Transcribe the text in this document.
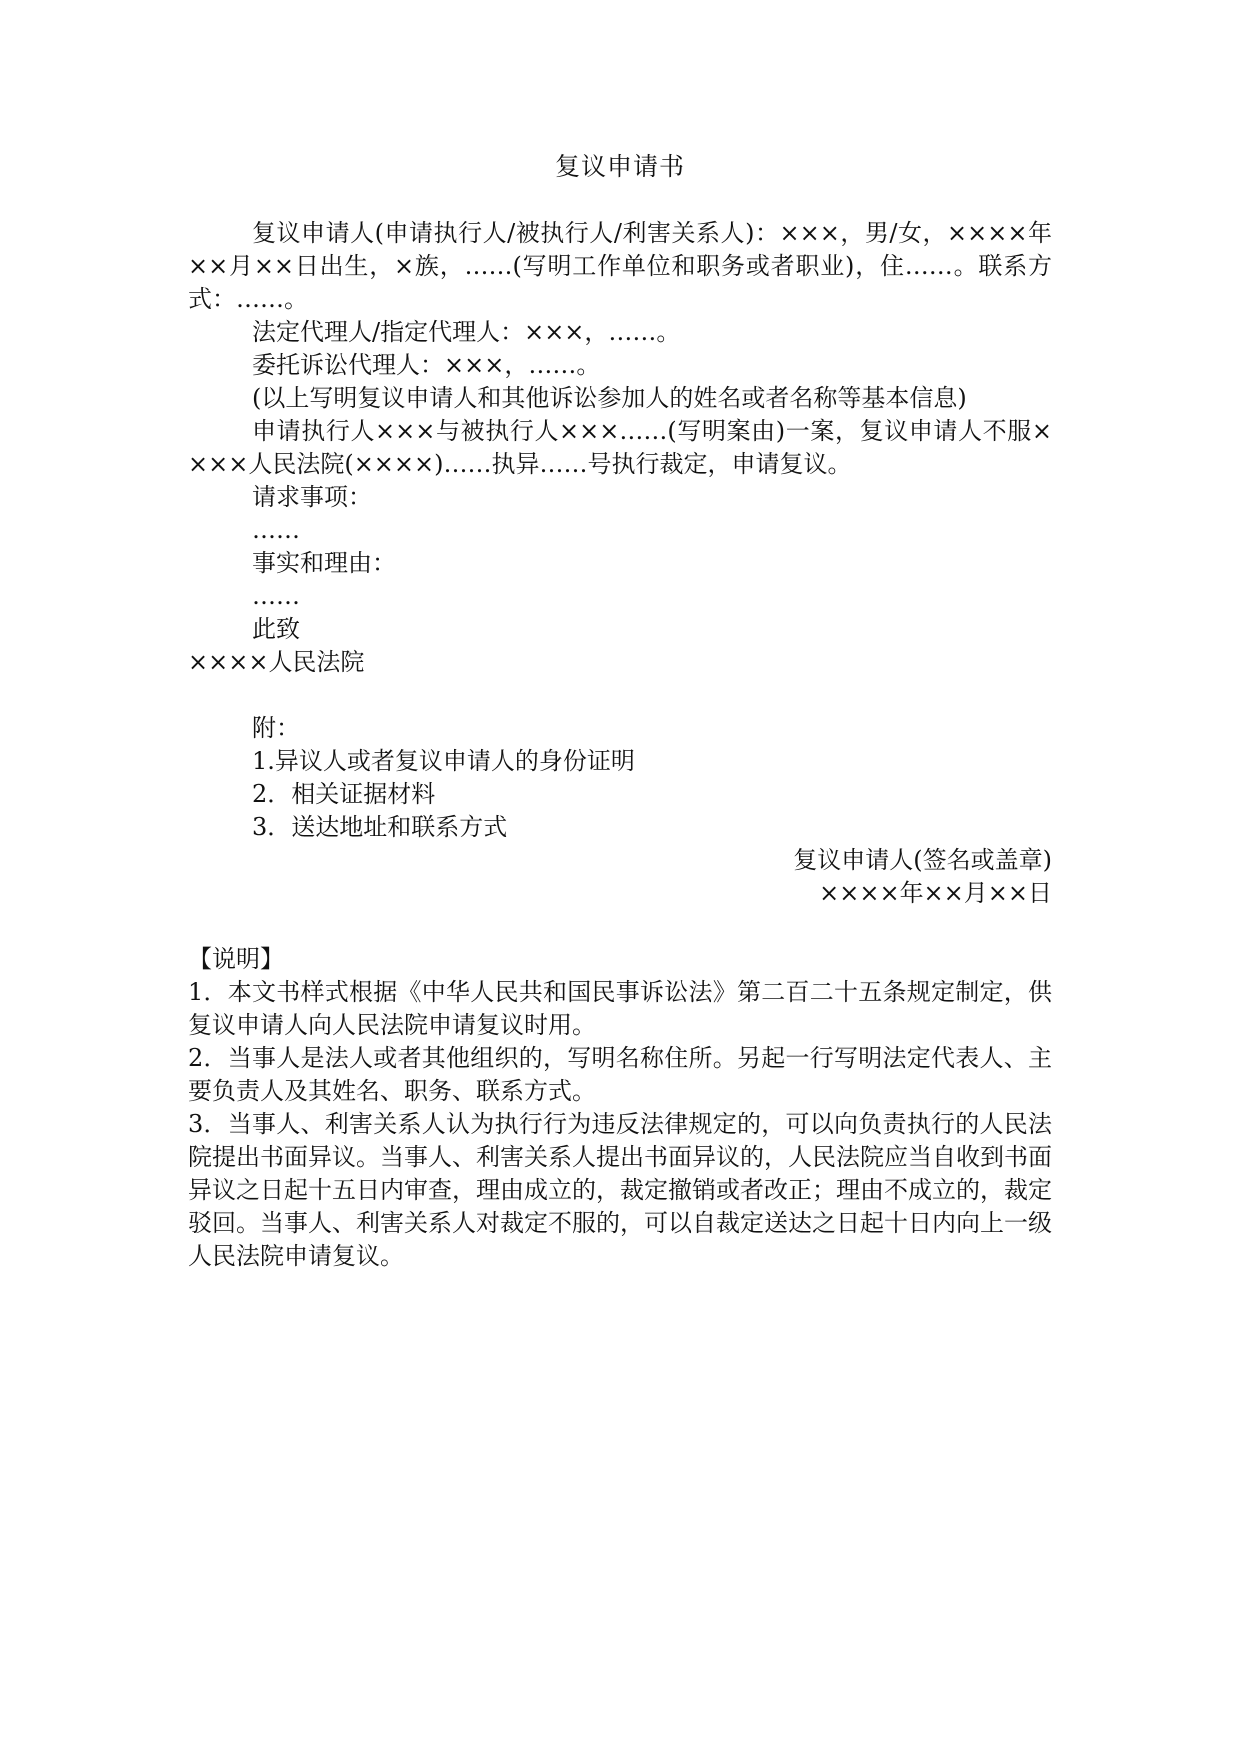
复议申请书

复议申请人(申请执行人/被执行人/利害关系人)：×××，男/女，××××年××月××日出生，×族，……(写明工作单位和职务或者职业)，住……。联系方式：……。

法定代理人/指定代理人：×××，……。

委托诉讼代理人：×××，……。

(以上写明复议申请人和其他诉讼参加人的姓名或者名称等基本信息)

申请执行人×××与被执行人×××……(写明案由)一案，复议申请人不服××××人民法院(××××)……执异……号执行裁定，申请复议。

请求事项：

……

事实和理由：

……

此致

××××人民法院

附：

1.异议人或者复议申请人的身份证明

2．相关证据材料

3．送达地址和联系方式

复议申请人(签名或盖章)

××××年××月××日

【说明】

1．本文书样式根据《中华人民共和国民事诉讼法》第二百二十五条规定制定，供复议申请人向人民法院申请复议时用。

2．当事人是法人或者其他组织的，写明名称住所。另起一行写明法定代表人、主要负责人及其姓名、职务、联系方式。

3．当事人、利害关系人认为执行行为违反法律规定的，可以向负责执行的人民法院提出书面异议。当事人、利害关系人提出书面异议的，人民法院应当自收到书面异议之日起十五日内审查，理由成立的，裁定撤销或者改正；理由不成立的，裁定驳回。当事人、利害关系人对裁定不服的，可以自裁定送达之日起十日内向上一级人民法院申请复议。
